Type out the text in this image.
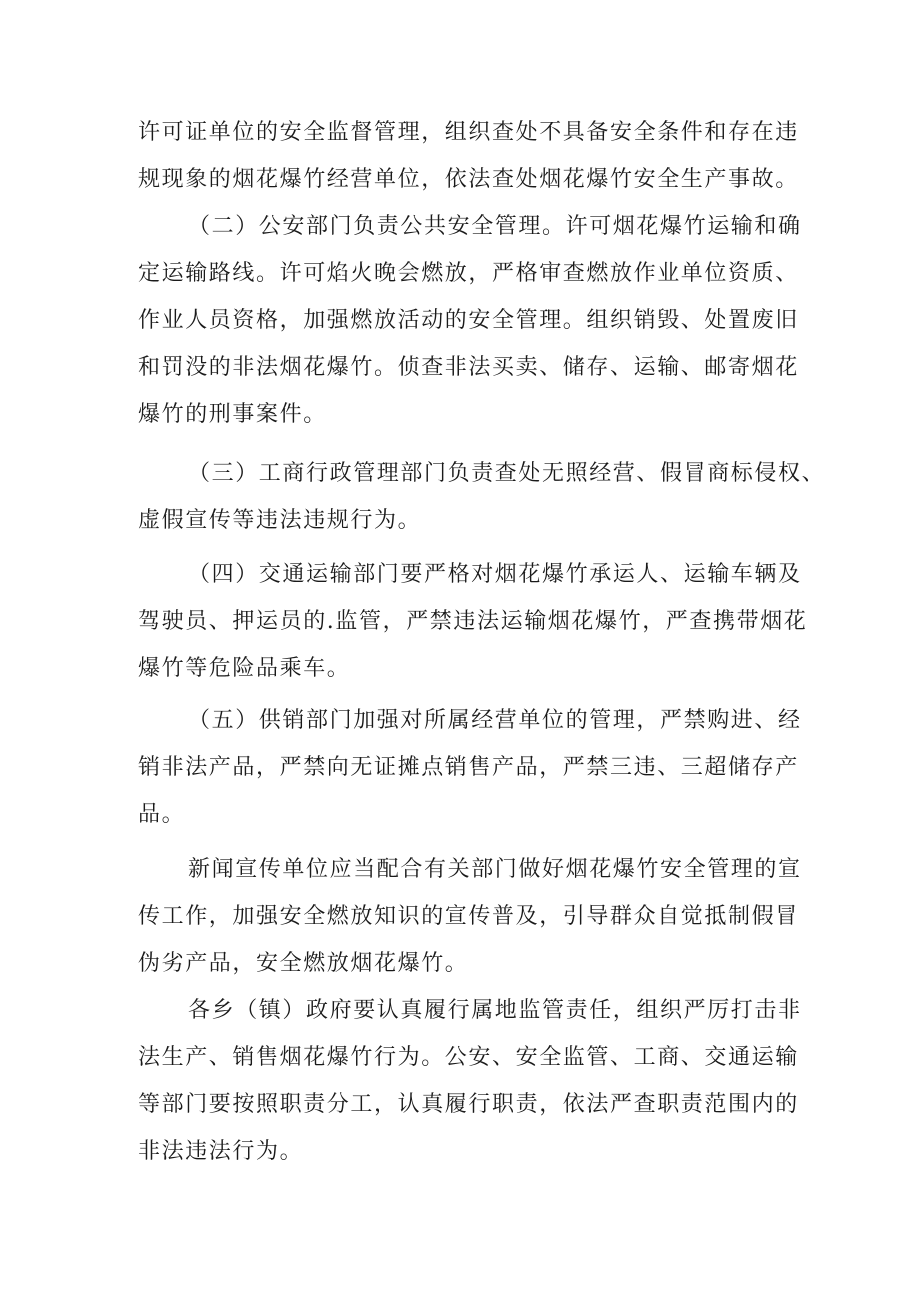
许可证单位的安全监督管理，组织查处不具备安全条件和存在违
规现象的烟花爆竹经营单位，依法查处烟花爆竹安全生产事故。
（二）公安部门负责公共安全管理。许可烟花爆竹运输和确
定运输路线。许可焰火晚会燃放，严格审查燃放作业单位资质、
作业人员资格，加强燃放活动的安全管理。组织销毁、处置废旧
和罚没的非法烟花爆竹。侦查非法买卖、储存、运输、邮寄烟花
爆竹的刑事案件。
（三）工商行政管理部门负责查处无照经营、假冒商标侵权、
虚假宣传等违法违规行为。
（四）交通运输部门要严格对烟花爆竹承运人、运输车辆及
驾驶员、押运员的.监管，严禁违法运输烟花爆竹，严查携带烟花
爆竹等危险品乘车。
（五）供销部门加强对所属经营单位的管理，严禁购进、经
销非法产品，严禁向无证摊点销售产品，严禁三违、三超储存产
品。
新闻宣传单位应当配合有关部门做好烟花爆竹安全管理的宣
传工作，加强安全燃放知识的宣传普及，引导群众自觉抵制假冒
伪劣产品，安全燃放烟花爆竹。
各乡（镇）政府要认真履行属地监管责任，组织严厉打击非
法生产、销售烟花爆竹行为。公安、安全监管、工商、交通运输
等部门要按照职责分工，认真履行职责，依法严查职责范围内的
非法违法行为。
